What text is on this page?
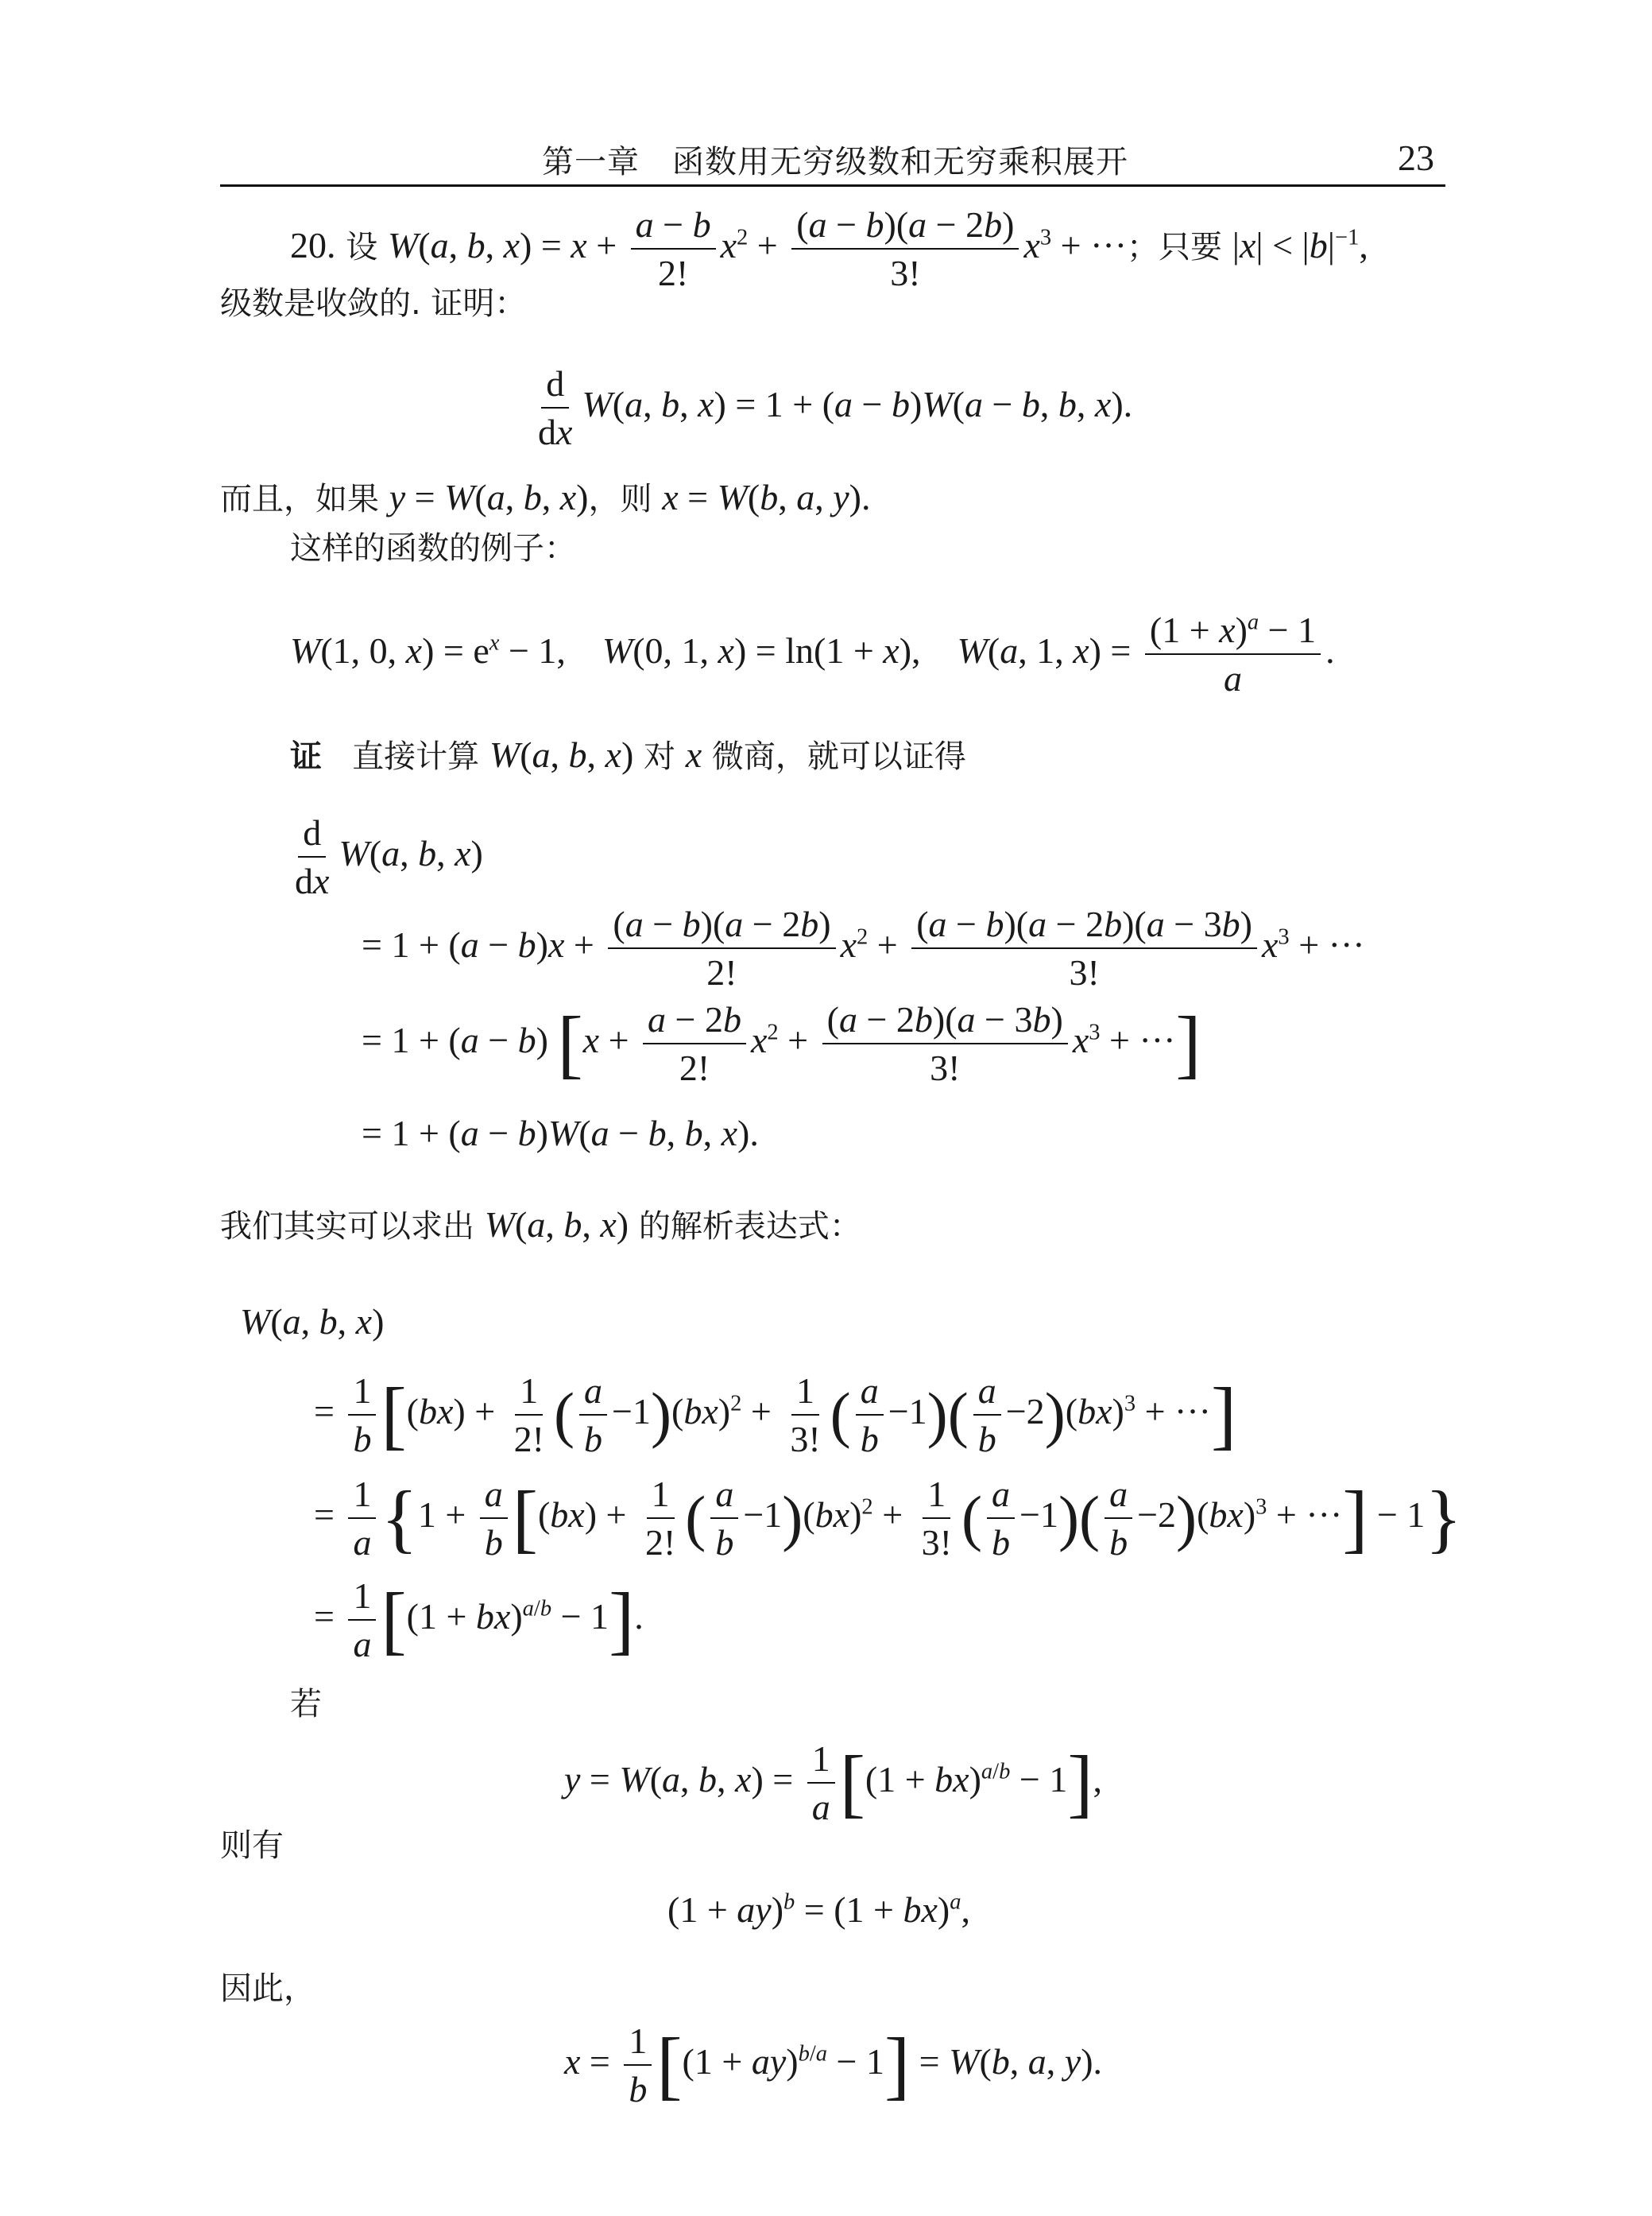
第一章　函数用无穷级数和无穷乘积展开	23
20. 设 W(a, b, $x) = x + \frac{a - b}{2!} x^2 + \frac{(a - b)(a - 2b)}{3!} x^3$ + ···；只要 $|x| < |b|^{-1}$,
级数是收敛的. 证明：
$\frac{d}{dx} W(a$, b, x) = 1 + (a − b)W(a − b, b, x).
而且，如果 y = W(a, b, x)，则 x = W(b, a, y).
这样的函数的例子：
W(1, 0, $x) = e^x - 1$,    W(0, 1, x) = ln(1 + x),    W(a, 1, $x) = \frac{(1 + x)^a - 1}{a}$ .
证 直接计算 W(a, b, x) 对 x 微商，就可以证得
$\frac{d}{dx} W(a$, b, x)
= $1 + (a - b)x + \frac{(a - b)(a - 2b)}{2!} x^2 + \frac{(a - b)(a - 2b)(a - 3b)}{3!} x^3$ + ···
= 1 + (a − b) [$x + \frac{a - 2b}{2!} x^2 + \frac{(a - 2b)(a - 3b)}{3!} x^3$ + ···]
= 1 + (a − b)W(a − b, b, x).
我们其实可以求出 W(a, b, x) 的解析表达式：
W(a, b, x)
= $\frac{1}{b} [(bx) + \frac{1}{2!}$ ( $\frac{a}{b} -1)(bx)^2 + \frac{1}{3!}$ ( $\frac{a}{b} -1)( \frac{a}{b} -2)(bx)^3$ + ···]
= $\frac{1}{a} \{1 + \frac{a}{b} [(bx) + \frac{1}{2!}$ ( $\frac{a}{b} -1)(bx)^2 + \frac{1}{3!}$ ( $\frac{a}{b} -1)( \frac{a}{b} -2)(bx)^3$ + ···] − 1}
= $\frac{1}{a} [(1 + bx)^{a/b} - 1]$.
若
y = W(a, b, $x) = \frac{1}{a} [(1 + bx)^{a/b} - 1]$,
则有
(1 + ay)$^b$ = (1 + bx)$^a$,
因此，
$x = \frac{1}{b} [(1 + ay)^{b/a} - 1] = W(b$, a, y).
